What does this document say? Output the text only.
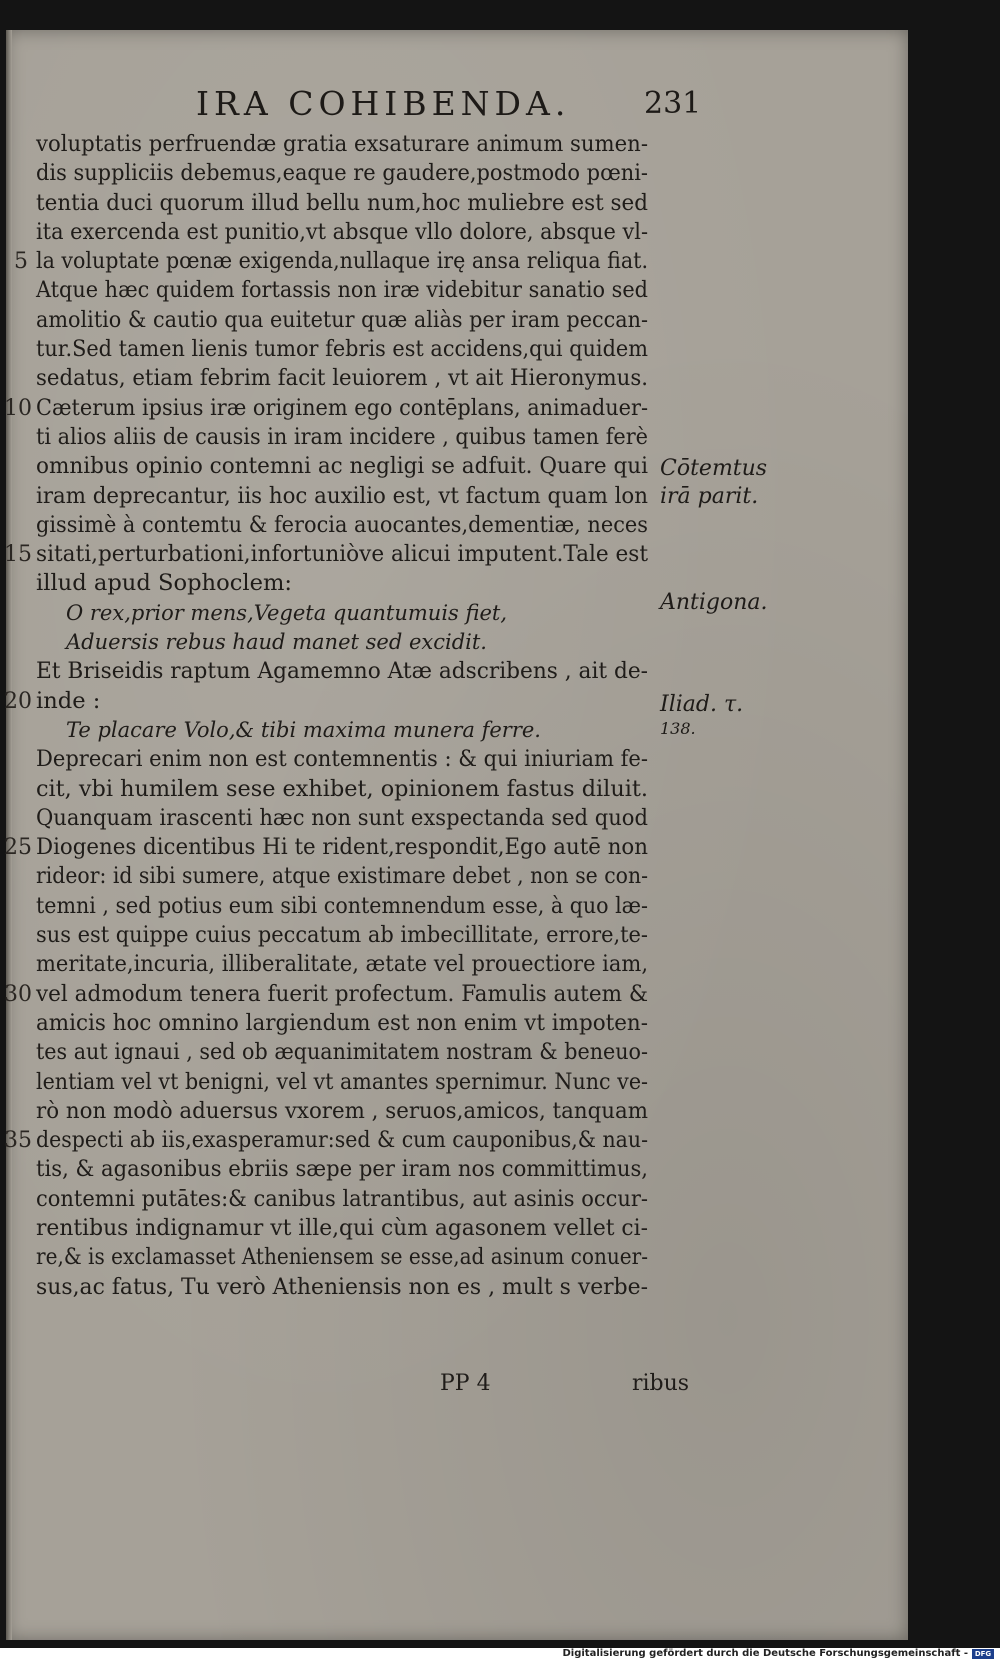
IRA COHIBENDA.	231
voluptatis perfruendæ gratia exsaturare animum sumen-
dis suppliciis debemus,eaque re gaudere,postmodo pœni-
tentia duci quorum illud bellu num,hoc muliebre est sed
ita exercenda est punitio,vt absque vllo dolore, absque vl-
5 la voluptate pœnæ exigenda,nullaque irę ansa reliqua fiat.
Atque hæc quidem fortassis non iræ videbitur sanatio sed
amolitio & cautio qua euitetur quæ aliàs per iram peccan-
tur.Sed tamen lienis tumor febris est accidens,qui quidem
sedatus, etiam febrim facit leuiorem , vt ait Hieronymus.
10 Cæterum ipsius iræ originem ego contēplans, animaduer-
ti alios aliis de causis in iram incidere , quibus tamen ferè
omnibus opinio contemni ac negligi se adfuit. Quare qui
iram deprecantur, iis hoc auxilio est, vt factum quam lon
gissimè à contemtu & ferocia auocantes,dementiæ, neces
15 sitati,perturbationi,infortuniòve alicui imputent.Tale est
illud apud Sophoclem:
O rex,prior mens,Vegeta quantumuis fiet,
Aduersis rebus haud manet sed excidit.
Et Briseidis raptum Agamemno Atæ adscribens , ait de-
20 inde :
Te placare Volo,& tibi maxima munera ferre.
Deprecari enim non est contemnentis : & qui iniuriam fe-
cit, vbi humilem sese exhibet, opinionem fastus diluit.
Quanquam irascenti hæc non sunt exspectanda sed quod
25 Diogenes dicentibus Hi te rident,respondit,Ego autē non
rideor: id sibi sumere, atque existimare debet , non se con-
temni , sed potius eum sibi contemnendum esse, à quo læ-
sus est quippe cuius peccatum ab imbecillitate, errore,te-
meritate,incuria, illiberalitate, ætate vel prouectiore iam,
30 vel admodum tenera fuerit profectum. Famulis autem &
amicis hoc omnino largiendum est non enim vt impoten-
tes aut ignaui , sed ob æquanimitatem nostram & beneuo-
lentiam vel vt benigni, vel vt amantes spernimur. Nunc ve-
rò non modò aduersus vxorem , seruos,amicos, tanquam
35 despecti ab iis,exasperamur:sed & cum cauponibus,& nau-
tis, & agasonibus ebriis sæpe per iram nos committimus,
contemni putātes:& canibus latrantibus, aut asinis occur-
rentibus indignamur vt ille,qui cùm agasonem vellet ci-
re,& is exclamasset Atheniensem se esse,ad asinum conuer-
sus,ac fatus, Tu verò Atheniensis non es , mult s verbe-
Cōtemtus
irā parit.
Antigona.
Iliad. τ.
138.
PP 4	ribus
Digitalisierung gefördert durch die Deutsche Forschungsgemeinschaft - DFG
